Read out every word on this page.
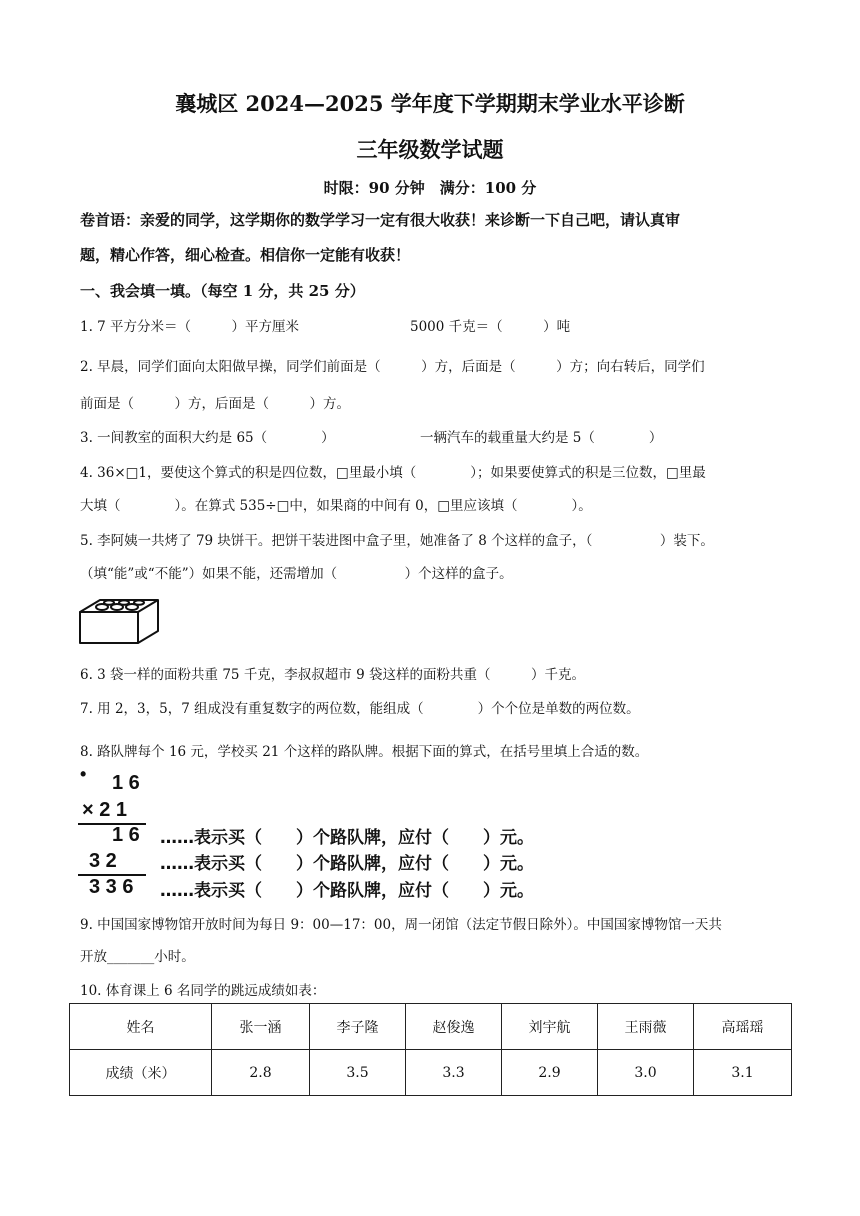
襄城区 2024—2025 学年度下学期期末学业水平诊断
三年级数学试题
时限：90 分钟　满分：100 分
卷首语：亲爱的同学，这学期你的数学学习一定有很大收获！来诊断一下自己吧，请认真审
题，精心作答，细心检查。相信你一定能有收获！
一、我会填一填。（每空 1 分，共 25 分）
1. 7 平方分米＝（　　　）平方厘米	5000 千克＝（　　　）吨
2. 早晨，同学们面向太阳做早操，同学们前面是（　　　）方，后面是（　　　）方；向右转后，同学们
前面是（　　　）方，后面是（　　　）方。
3. 一间教室的面积大约是 65（　　　　）	一辆汽车的载重量大约是 5（　　　　）
4. 36×□1，要使这个算式的积是四位数，□里最小填（　　　　）；如果要使算式的积是三位数，□里最
大填（　　　　）。在算式 535÷□中，如果商的中间有 0，□里应该填（　　　　）。
5. 李阿姨一共烤了 79 块饼干。把饼干装进图中盒子里，她准备了 8 个这样的盒子，（　　　　　）装下。
（填“能”或“不能”）如果不能，还需增加（　　　　　）个这样的盒子。
6. 3 袋一样的面粉共重 75 千克，李叔叔超市 9 袋这样的面粉共重（　　　）千克。
7. 用 2，3，5，7 组成没有重复数字的两位数，能组成（　　　　）个个位是单数的两位数。
8. 路队牌每个 16 元，学校买 21 个这样的路队牌。根据下面的算式，在括号里填上合适的数。
• 1 6
× 2 1
1 6
3 2
3 3 6
……表示买（　　）个路队牌，应付（　　）元。
……表示买（　　）个路队牌，应付（　　）元。
……表示买（　　）个路队牌，应付（　　）元。
9. 中国国家博物馆开放时间为每日 9：00—17：00，周一闭馆（法定节假日除外）。中国国家博物馆一天共
开放_______小时。
10. 体育课上 6 名同学的跳远成绩如表：
姓名	张一涵	李子隆	赵俊逸	刘宇航	王雨薇	高瑶瑶
成绩（米）	2.8	3.5	3.3	2.9	3.0	3.1
